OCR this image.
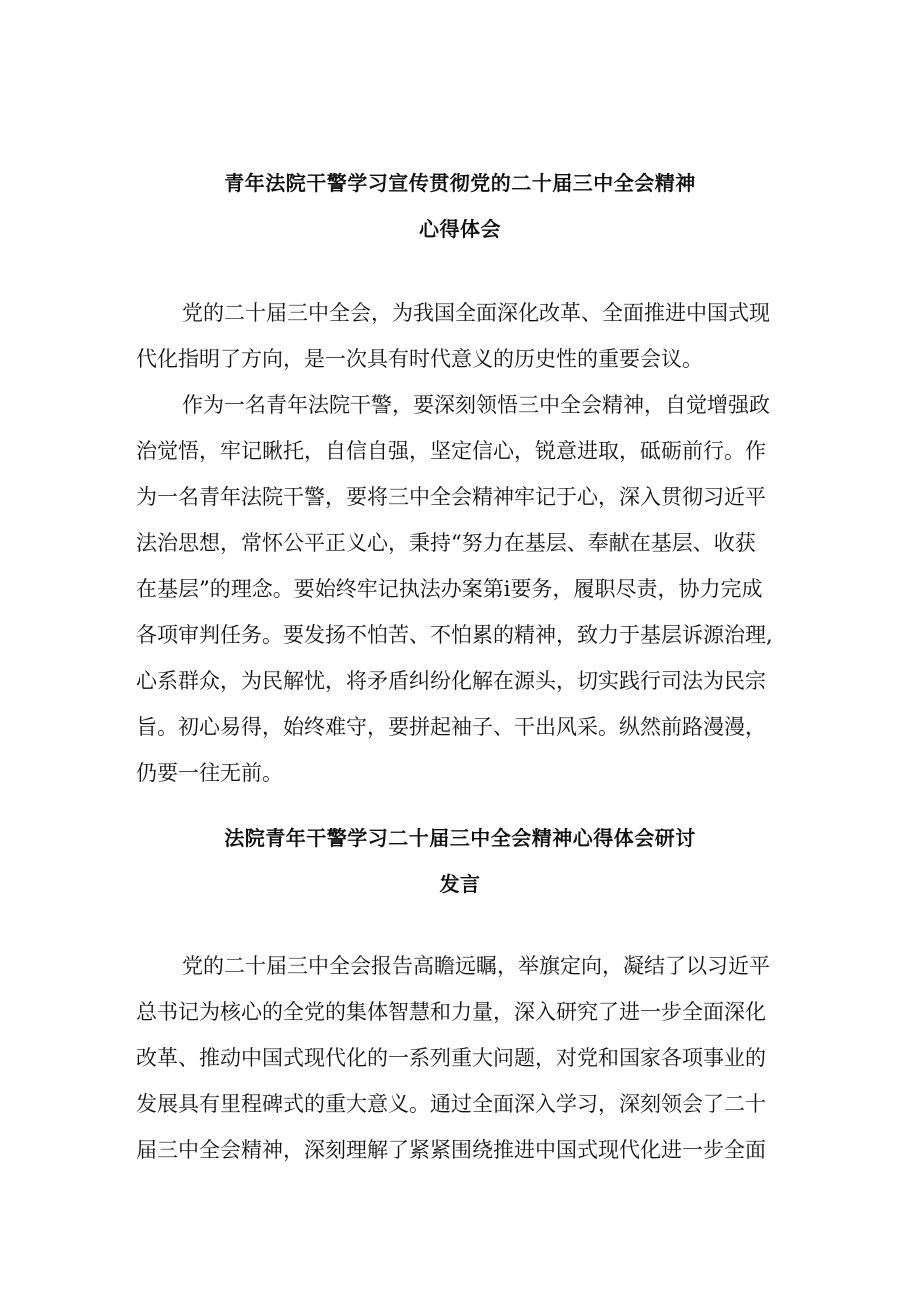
青年法院干警学习宣传贯彻党的二十届三中全会精神
心得体会

党的二十届三中全会，为我国全面深化改革、全面推进中国式现
代化指明了方向，是一次具有时代意义的历史性的重要会议。

作为一名青年法院干警，要深刻领悟三中全会精神，自觉增强政
治觉悟，牢记瞅托，自信自强，坚定信心，锐意进取，砥砺前行。作
为一名青年法院干警，要将三中全会精神牢记于心，深入贯彻习近平
法治思想，常怀公平正义心，秉持“努力在基层、奉献在基层、收获
在基层”的理念。要始终牢记执法办案第i要务，履职尽责，协力完成
各项审判任务。要发扬不怕苦、不怕累的精神，致力于基层诉源治理,
心系群众，为民解忧，将矛盾纠纷化解在源头，切实践行司法为民宗
旨。初心易得，始终难守，要拼起袖子、干出风采。纵然前路漫漫，
仍要一往无前。

法院青年干警学习二十届三中全会精神心得体会研讨
发言

党的二十届三中全会报告高瞻远瞩，举旗定向，凝结了以习近平
总书记为核心的全党的集体智慧和力量，深入研究了进一步全面深化
改革、推动中国式现代化的一系列重大问题，对党和国家各项事业的
发展具有里程碑式的重大意义。通过全面深入学习，深刻领会了二十
届三中全会精神，深刻理解了紧紧围绕推进中国式现代化进一步全面
